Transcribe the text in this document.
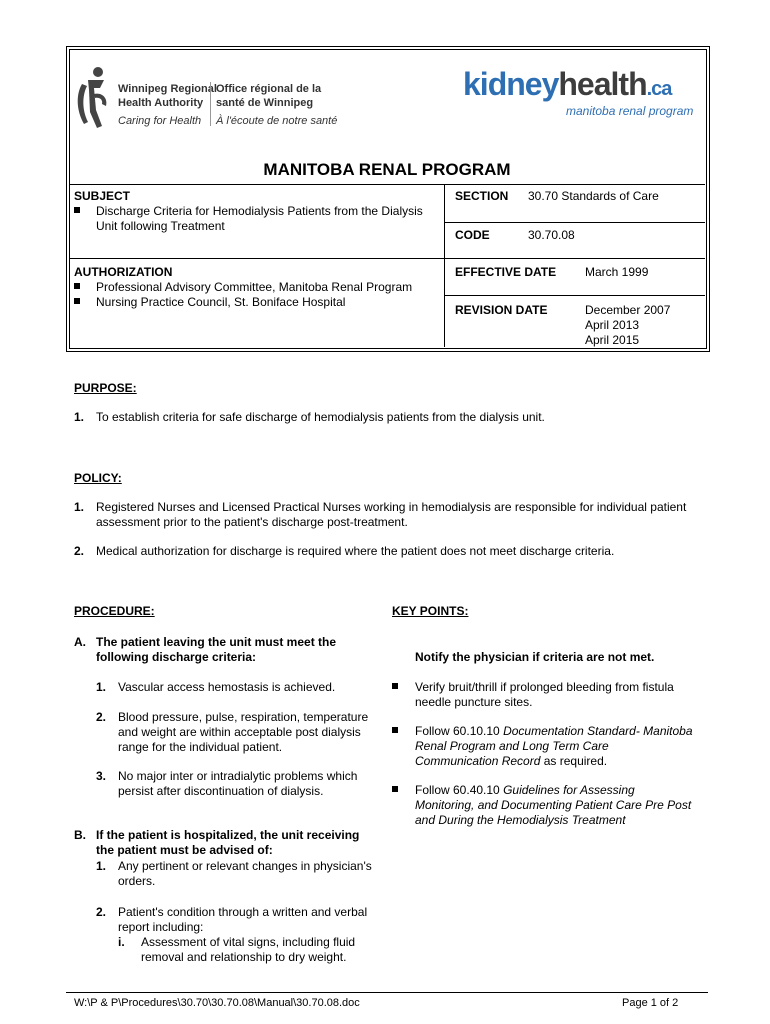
Winnipeg Regional
Health Authority
Caring for Health
Office régional de la
santé de Winnipeg
À l'écoute de notre santé
kidneyhealth.ca
manitoba renal program
MANITOBA RENAL PROGRAM
SUBJECT
Discharge Criteria for Hemodialysis Patients from the Dialysis
Unit following Treatment
SECTION 30.70 Standards of Care
CODE	30.70.08
AUTHORIZATION
Professional Advisory Committee, Manitoba Renal Program
Nursing Practice Council, St. Boniface Hospital
EFFECTIVE DATE March 1999
REVISION DATE	December 2007
April 2013
April 2015
PURPOSE:
1. To establish criteria for safe discharge of hemodialysis patients from the dialysis unit.
POLICY:
1. Registered Nurses and Licensed Practical Nurses working in hemodialysis are responsible for individual patient
assessment prior to the patient's discharge post-treatment.
2. Medical authorization for discharge is required where the patient does not meet discharge criteria.
PROCEDURE:	KEY POINTS:
A. The patient leaving the unit must meet the
following discharge criteria:	Notify the physician if criteria are not met.
1. Vascular access hemostasis is achieved.
2. Blood pressure, pulse, respiration, temperature
and weight are within acceptable post dialysis
range for the individual patient.
3. No major inter or intradialytic problems which
persist after discontinuation of dialysis.
Verify bruit/thrill if prolonged bleeding from fistula
needle puncture sites.
Follow 60.10.10 Documentation Standard- Manitoba
Renal Program and Long Term Care
Communication Record as required.
Follow 60.40.10 Guidelines for Assessing
Monitoring, and Documenting Patient Care Pre Post
and During the Hemodialysis Treatment
B. If the patient is hospitalized, the unit receiving
the patient must be advised of:
1. Any pertinent or relevant changes in physician's
orders.
2. Patient's condition through a written and verbal
report including:
i. Assessment of vital signs, including fluid
removal and relationship to dry weight.
W:\P & P\Procedures\30.70\30.70.08\Manual\30.70.08.doc	Page 1 of 2
